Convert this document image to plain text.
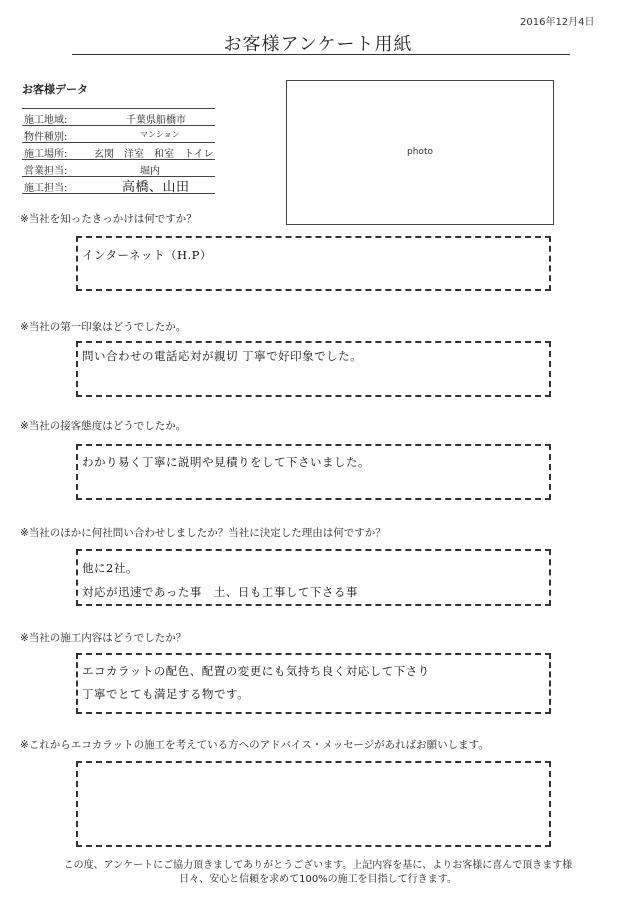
2016年12月4日
お客様アンケート用紙
お客様データ
施工地域:	千葉県船橋市
物件種別:	マンション
施工場所:	玄関　洋室　和室　トイレ
営業担当:	堀内
施工担当:	高橋、山田
photo
※当社を知ったきっかけは何ですか？
インターネット（H.P）
※当社の第一印象はどうでしたか。
問い合わせの電話応対が親切 丁寧で好印象でした。
※当社の接客態度はどうでしたか。
わかり易く丁寧に説明や見積りをして下さいました。
※当社のほかに何社問い合わせしましたか？当社に決定した理由は何ですか？
他に2社。
対応が迅速であった事　土、日も工事して下さる事
※当社の施工内容はどうでしたか？
エコカラットの配色、配置の変更にも気持ち良く対応して下さり
丁寧でとても満足する物です。
※これからエコカラットの施工を考えている方へのアドバイス・メッセージがあればお願いします。
この度、アンケートにご協力頂きましてありがとうございます。上記内容を基に、よりお客様に喜んで頂きます様
日々、安心と信頼を求めて100%の施工を目指して行きます。
